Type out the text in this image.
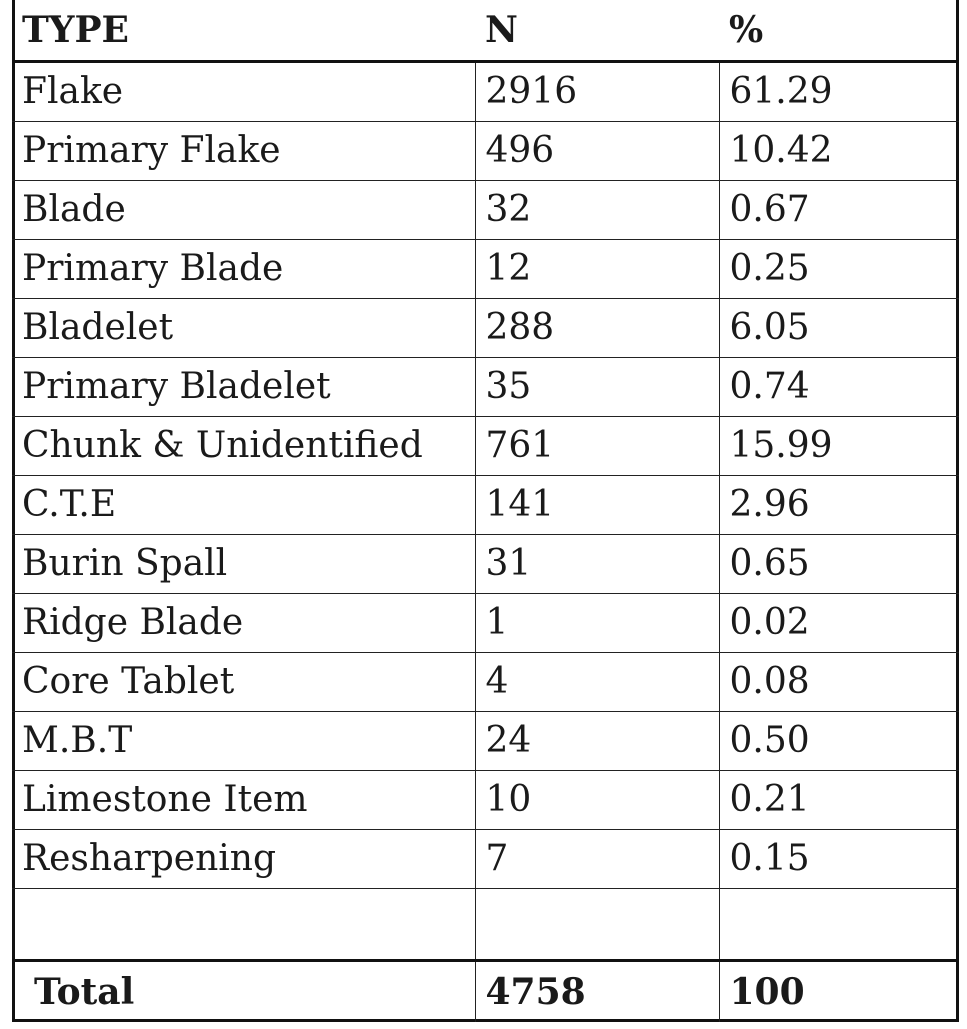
TYPE	N	%
Flake	2916	61.29
Primary Flake	496	10.42
Blade	32	0.67
Primary Blade	12	0.25
Bladelet	288	6.05
Primary Bladelet	35	0.74
Chunk & Unidentified	761	15.99
C.T.E	141	2.96
Burin Spall	31	0.65
Ridge Blade	1	0.02
Core Tablet	4	0.08
M.B.T	24	0.50
Limestone Item	10	0.21
Resharpening	7	0.15

Total	4758	100
